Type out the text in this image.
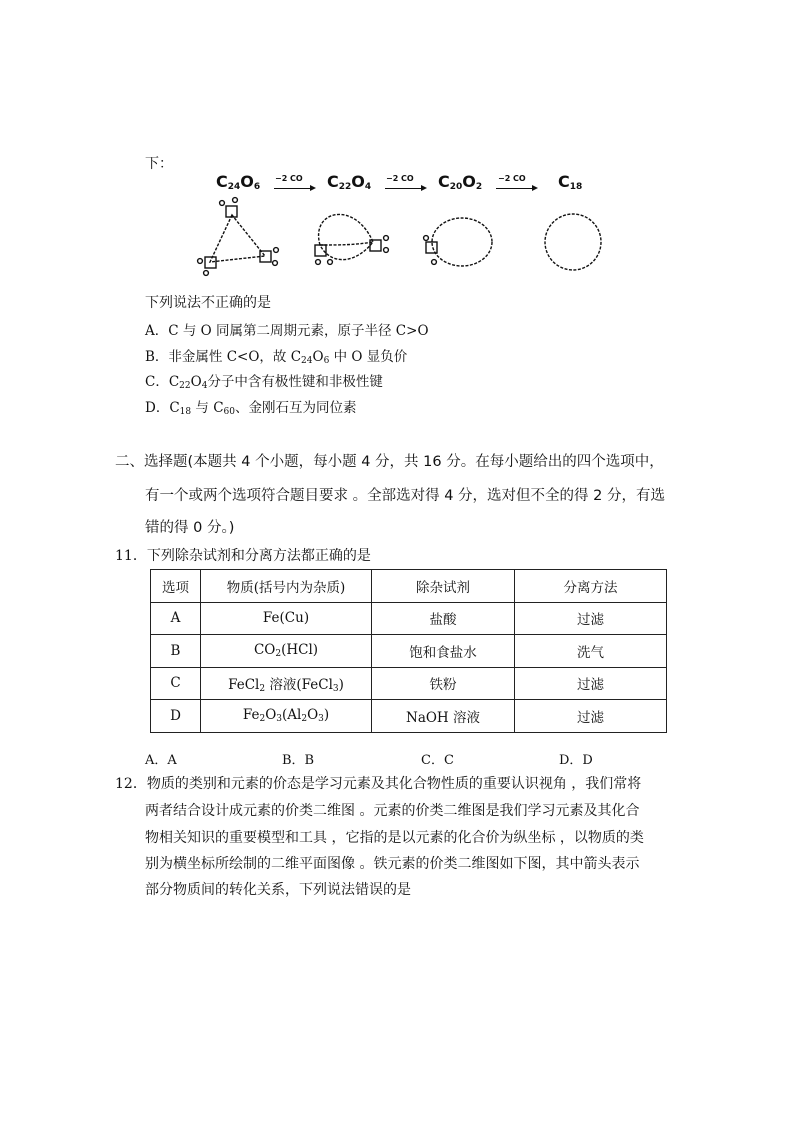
下：
$C_{24}O_6$
−2 CO → $C_{22}O_4$
−2 CO → $C_{20}O_2$
−2 CO $C_{18}$
下列说法不正确的是
A．C 与 O 同属第二周期元素，原子半径 C>O
B．非金属性 C<O，故 $C_{24}O_6$ 中 O 显负价
C．$C_{22}O_4$分子中含有极性键和非极性键
D．$C_{18}$ 与 $C_{60}$、金刚石互为同位素
二、选择题(本题共 4 个小题，每小题 4 分，共 16 分。在每小题给出的四个选项中，
有一个或两个选项符合题目要求 。全部选对得 4 分，选对但不全的得 2 分，有选
错的得 0 分。)
11．下列除杂试剂和分离方法都正确的是
选项	物质(括号内为杂质)	除杂试剂	分离方法
A	Fe(Cu)	盐酸	过滤
B	$CO_2(HCl)$	饱和食盐水	洗气
C	FeCl$_2$ 溶液(FeCl$_3$)	铁粉	过滤
D	$Fe_2O_3(Al_2O_3)$	NaOH 溶液	过滤
A．A	B．B	C．C	D．D
12．物质的类别和元素的价态是学习元素及其化合物性质的重要认识视角 ，我们常将
两者结合设计成元素的价类二维图 。元素的价类二维图是我们学习元素及其化合
物相关知识的重要模型和工具 ，它指的是以元素的化合价为纵坐标 ，以物质的类
别为横坐标所绘制的二维平面图像 。铁元素的价类二维图如下图，其中箭头表示
部分物质间的转化关系，下列说法错误的是
